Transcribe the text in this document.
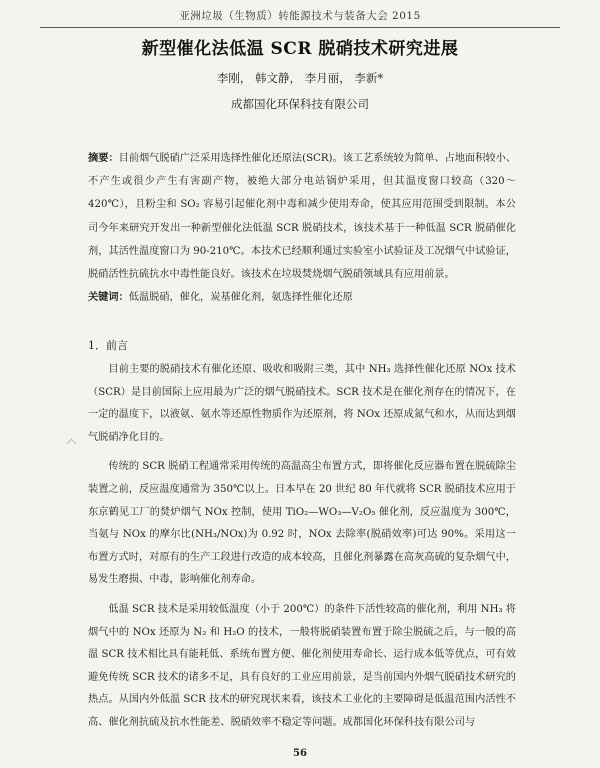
亚洲垃圾（生物质）转能源技术与装备大会 2015
新型催化法低温 SCR 脱硝技术研究进展
李刚， 韩文静， 李月丽， 李新*
成都国化环保科技有限公司
摘要：目前烟气脱硝广泛采用选择性催化还原法(SCR)。该工艺系统较为简单、占地面积较小、不产生或很少产生有害副产物，被绝大部分电站锅炉采用，但其温度窗口较高（320～420℃），且粉尘和 SO₂ 容易引起催化剂中毒和减少使用寿命，使其应用范围受到限制。本公司今年来研究开发出一种新型催化法低温 SCR 脱硝技术，该技术基于一种低温 SCR 脱硝催化剂，其活性温度窗口为 90-210℃。本技术已经顺利通过实验室小试验证及工况烟气中试验证，脱硝活性抗硫抗水中毒性能良好。该技术在垃圾焚烧烟气脱硝领域具有应用前景。
关键词：低温脱硝，催化，炭基催化剂，氨选择性催化还原
1．前言

目前主要的脱硝技术有催化还原、吸收和吸附三类，其中 NH₃ 选择性催化还原 NOx 技术（SCR）是目前国际上应用最为广泛的烟气脱硝技术。SCR 技术是在催化剂存在的情况下，在一定的温度下，以液氨、氨水等还原性物质作为还原剂，将 NOx 还原成氮气和水，从而达到烟气脱硝净化目的。

传统的 SCR 脱硝工程通常采用传统的高温高尘布置方式，即将催化反应器布置在脱硫除尘装置之前，反应温度通常为 350℃以上。日本早在 20 世纪 80 年代就将 SCR 脱硝技术应用于东京鹤见工厂的焚炉烟气 NOx 控制，使用 TiO₂—WO₃—V₂O₅ 催化剂，反应温度为 300℃，当氨与 NOx 的摩尔比(NH₃/NOx)为 0.92 时，NOx 去除率(脱硝效率)可达 90%。采用这一布置方式时，对原有的生产工段进行改造的成本较高，且催化剂暴露在高灰高硫的复杂烟气中，易发生磨损、中毒，影响催化剂寿命。

低温 SCR 技术是采用较低温度（小于 200℃）的条件下活性较高的催化剂，利用 NH₃ 将烟气中的 NOx 还原为 N₂ 和 H₂O 的技术，一般将脱硝装置布置于除尘脱硫之后，与一般的高温 SCR 技术相比具有能耗低、系统布置方便、催化剂使用寿命长、运行成本低等优点，可有效避免传统 SCR 技术的诸多不足，具有良好的工业应用前景，是当前国内外烟气脱硝技术研究的热点。从国内外低温 SCR 技术的研究现状来看，该技术工业化的主要障碍是低温范围内活性不高、催化剂抗硫及抗水性能差、脱硝效率不稳定等问题。成都国化环保科技有限公司与

56
